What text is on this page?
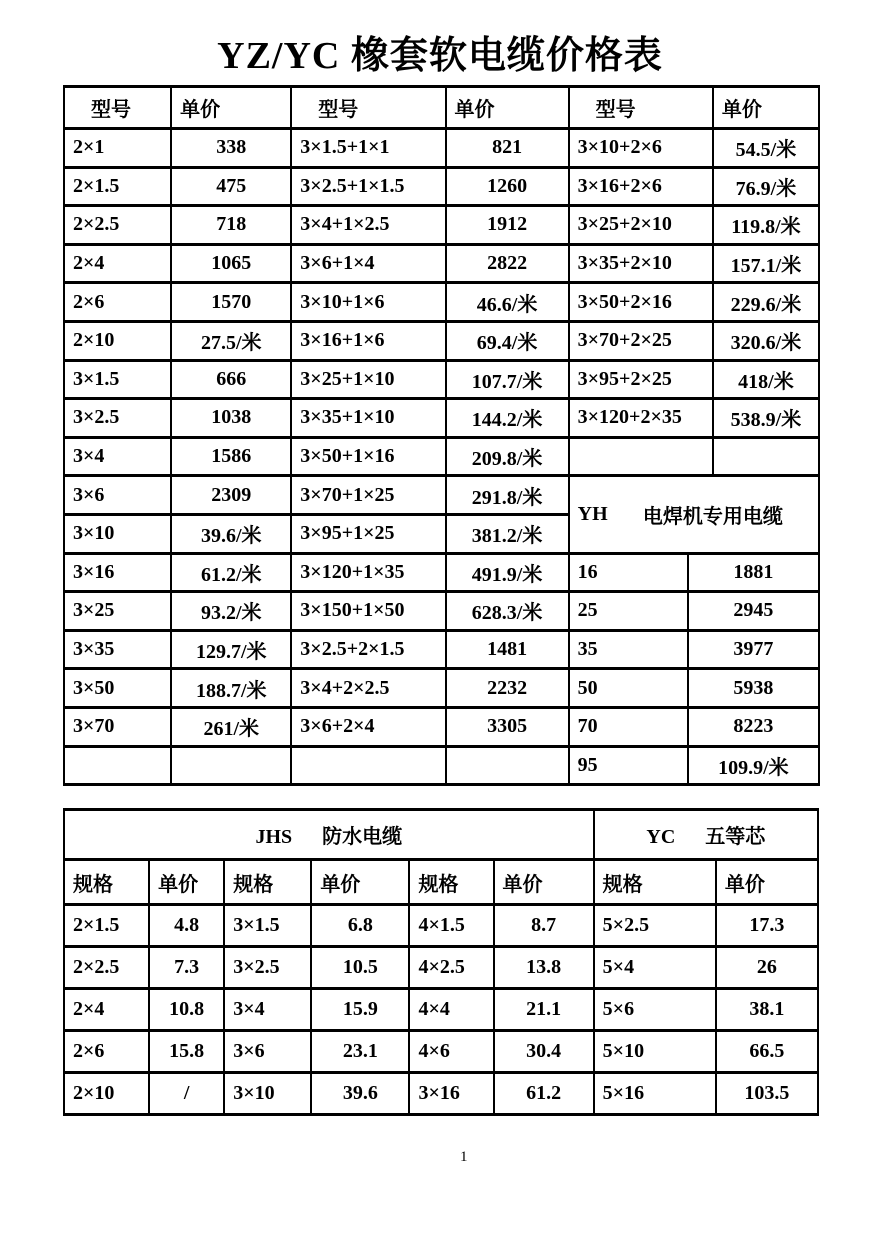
YZ/YC 橡套软电缆价格表
型号	单价	型号	单价	型号		单价
2×1	338	3×1.5+1×1	821	3×10+2×6		54.5/米
2×1.5	475	3×2.5+1×1.5	1260	3×16+2×6		76.9/米
2×2.5	718	3×4+1×2.5	1912	3×25+2×10		119.8/米
2×4	1065	3×6+1×4	2822	3×35+2×10		157.1/米
2×6	1570	3×10+1×6	46.6/米	3×50+2×16		229.6/米
2×10	27.5/米	3×16+1×6	69.4/米	3×70+2×25		320.6/米
3×1.5	666	3×25+1×10	107.7/米	3×95+2×25		418/米
3×2.5	1038	3×35+1×10	144.2/米	3×120+2×35		538.9/米
3×4	1586	3×50+1×16	209.8/米			
3×6	2309	3×70+1×25	291.8/米	YH 电焊机专用电缆		

3×10	39.6/米	3×95+1×25	381.2/米			
3×16	61.2/米	3×120+1×35	491.9/米	16	1881	
3×25	93.2/米	3×150+1×50	628.3/米	25	2945	
3×35	129.7/米	3×2.5+2×1.5	1481	35	3977	
3×50	188.7/米	3×4+2×2.5	2232	50	5938	
3×70	261/米	3×6+2×4	3305	70	8223	
				95	109.9/米	
JHS 防水电缆						YC 五等芯	
规格	单价	规格	单价	规格	单价	规格	单价
2×1.5	4.8	3×1.5	6.8	4×1.5	8.7	5×2.5	17.3
2×2.5	7.3	3×2.5	10.5	4×2.5	13.8	5×4	26
2×4	10.8	3×4	15.9	4×4	21.1	5×6	38.1
2×6	15.8	3×6	23.1	4×6	30.4	5×10	66.5
2×10	/	3×10	39.6	3×16	61.2	5×16	103.5
1
